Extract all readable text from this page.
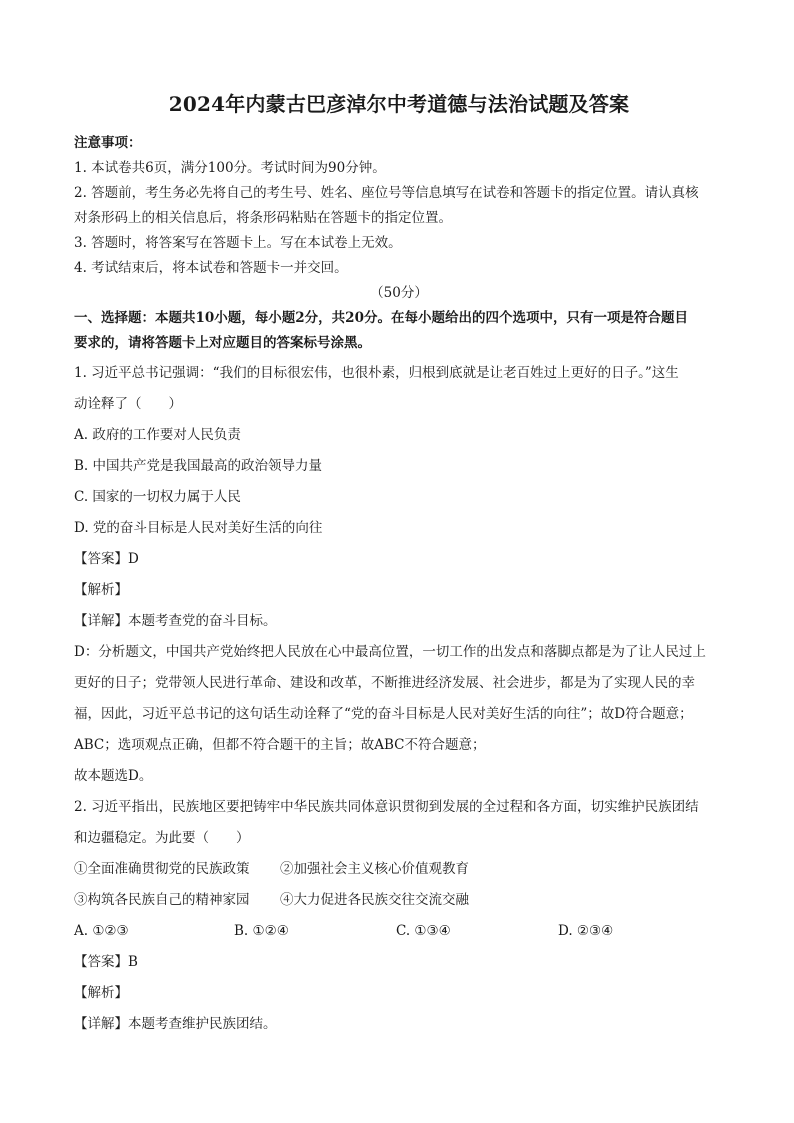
2024年内蒙古巴彦淖尔中考道德与法治试题及答案

注意事项：

1. 本试卷共6页，满分100分。考试时间为90分钟。

2. 答题前，考生务必先将自己的考生号、姓名、座位号等信息填写在试卷和答题卡的指定位置。请认真核

对条形码上的相关信息后，将条形码粘贴在答题卡的指定位置。

3. 答题时，将答案写在答题卡上。写在本试卷上无效。

4. 考试结束后，将本试卷和答题卡一并交回。

（50分）

一、选择题：本题共10小题，每小题2分，共20分。在每小题给出的四个选项中，只有一项是符合题目

要求的，请将答题卡上对应题目的答案标号涂黑。

1. 习近平总书记强调：“我们的目标很宏伟，也很朴素，归根到底就是让老百姓过上更好的日子。”这生

动诠释了（　　）

A. 政府的工作要对人民负责

B. 中国共产党是我国最高的政治领导力量

C. 国家的一切权力属于人民

D. 党的奋斗目标是人民对美好生活的向往

【答案】D

【解析】

【详解】本题考查党的奋斗目标。

D：分析题文，中国共产党始终把人民放在心中最高位置，一切工作的出发点和落脚点都是为了让人民过上

更好的日子；党带领人民进行革命、建设和改革，不断推进经济发展、社会进步，都是为了实现人民的幸

福，因此，习近平总书记的这句话生动诠释了“党的奋斗目标是人民对美好生活的向往”；故D符合题意；

ABC；选项观点正确，但都不符合题干的主旨；故ABC不符合题意；

故本题选D。

2. 习近平指出，民族地区要把铸牢中华民族共同体意识贯彻到发展的全过程和各方面，切实维护民族团结

和边疆稳定。为此要（　　）

①全面准确贯彻党的民族政策	②加强社会主义核心价值观教育
③构筑各民族自己的精神家园	④大力促进各民族交往交流交融
A. ①②③	B. ①②④	C. ①③④	D. ②③④

【答案】B

【解析】

【详解】本题考查维护民族团结。
